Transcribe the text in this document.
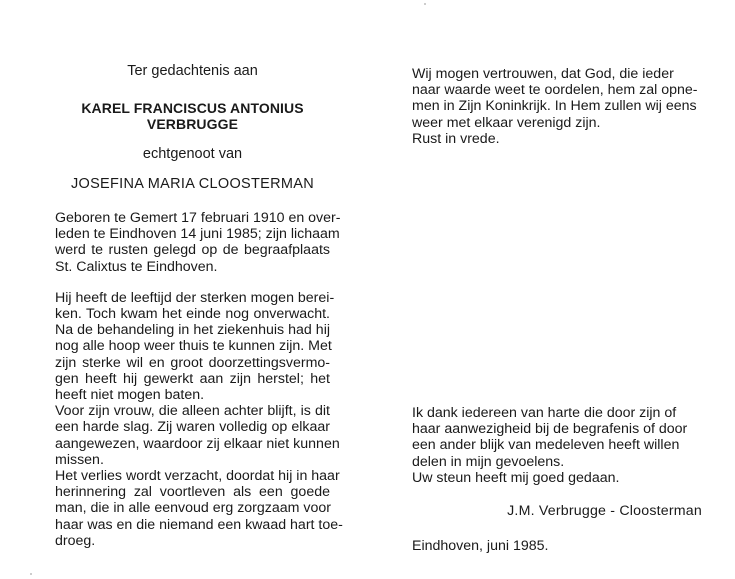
Ter gedachtenis aan

KAREL FRANCISCUS ANTONIUS
VERBRUGGE

echtgenoot van

JOSEFINA MARIA CLOOSTERMAN

Geboren te Gemert 17 februari 1910 en over-
leden te Eindhoven 14 juni 1985; zijn lichaam
werd te rusten gelegd op de begraafplaats
St. Calixtus te Eindhoven.

Hij heeft de leeftijd der sterken mogen berei-
ken. Toch kwam het einde nog onverwacht.
Na de behandeling in het ziekenhuis had hij
nog alle hoop weer thuis te kunnen zijn. Met
zijn sterke wil en groot doorzettingsvermo-
gen heeft hij gewerkt aan zijn herstel; het
heeft niet mogen baten.
Voor zijn vrouw, die alleen achter blijft, is dit
een harde slag. Zij waren volledig op elkaar
aangewezen, waardoor zij elkaar niet kunnen
missen.
Het verlies wordt verzacht, doordat hij in haar
herinnering zal voortleven als een goede
man, die in alle eenvoud erg zorgzaam voor
haar was en die niemand een kwaad hart toe-
droeg.

Wij mogen vertrouwen, dat God, die ieder
naar waarde weet te oordelen, hem zal opne-
men in Zijn Koninkrijk. In Hem zullen wij eens
weer met elkaar verenigd zijn.
Rust in vrede.

Ik dank iedereen van harte die door zijn of
haar aanwezigheid bij de begrafenis of door
een ander blijk van medeleven heeft willen
delen in mijn gevoelens.
Uw steun heeft mij goed gedaan.

J.M. Verbrugge - Cloosterman

Eindhoven, juni 1985.
